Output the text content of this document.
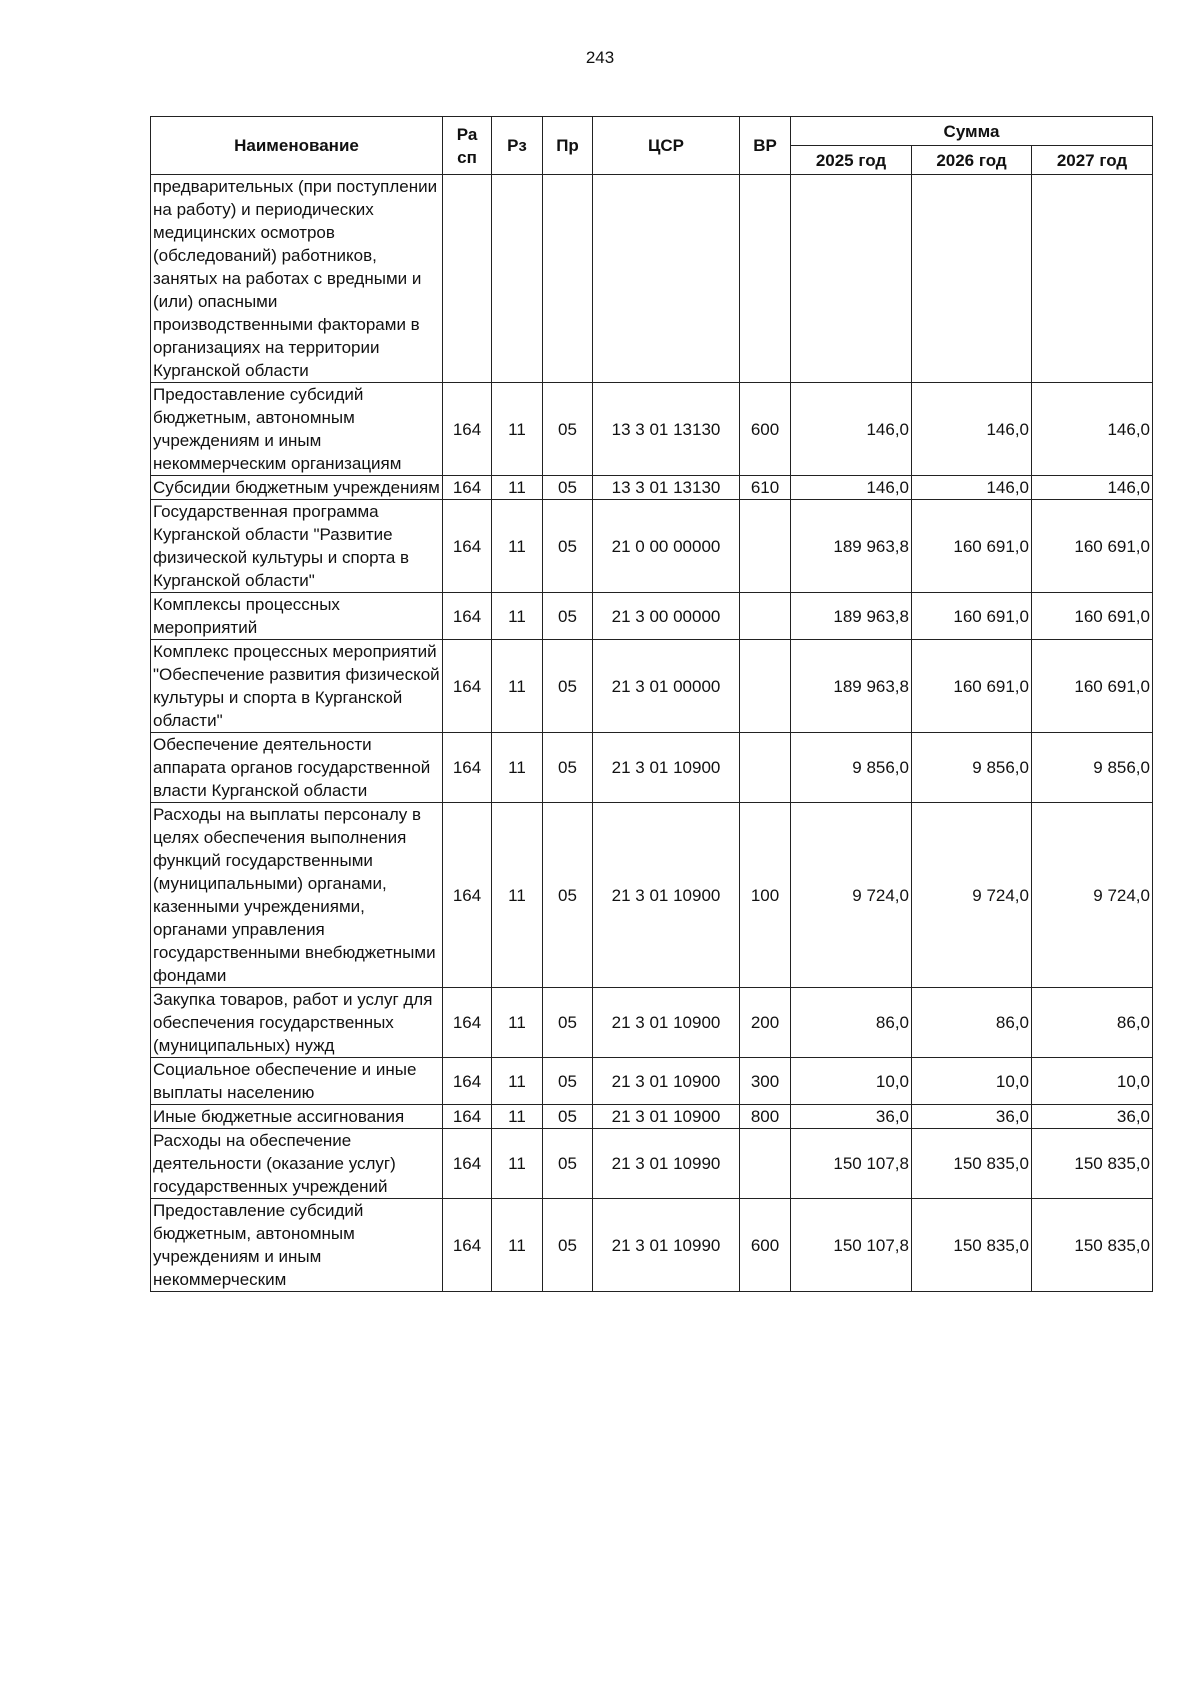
243
Наименование	Ра сп	Рз	Пр	ЦСР	ВР	Сумма		
						2025 год	2026 год	2027 год
предварительных (при поступлении на работу) и периодических медицинских осмотров (обследований) работников, занятых на работах с вредными и (или) опасными производственными факторами в организациях на территории Курганской области								
Предоставление субсидий бюджетным, автономным учреждениям и иным некоммерческим организациям	164	11	05	13 3 01 13130	600	146,0	146,0	146,0
Субсидии бюджетным учреждениям	164	11	05	13 3 01 13130	610	146,0	146,0	146,0
Государственная программа Курганской области "Развитие физической культуры и спорта в Курганской области"	164	11	05	21 0 00 00000		189 963,8	160 691,0	160 691,0
Комплексы процессных мероприятий	164	11	05	21 3 00 00000		189 963,8	160 691,0	160 691,0
Комплекс процессных мероприятий "Обеспечение развития физической культуры и спорта в Курганской области"	164	11	05	21 3 01 00000		189 963,8	160 691,0	160 691,0
Обеспечение деятельности аппарата органов государственной власти Курганской области	164	11	05	21 3 01 10900		9 856,0	9 856,0	9 856,0
Расходы на выплаты персоналу в целях обеспечения выполнения функций государственными (муниципальными) органами, казенными учреждениями, органами управления государственными внебюджетными фондами	164	11	05	21 3 01 10900	100	9 724,0	9 724,0	9 724,0
Закупка товаров, работ и услуг для обеспечения государственных (муниципальных) нужд	164	11	05	21 3 01 10900	200	86,0	86,0	86,0
Социальное обеспечение и иные выплаты населению	164	11	05	21 3 01 10900	300	10,0	10,0	10,0
Иные бюджетные ассигнования	164	11	05	21 3 01 10900	800	36,0	36,0	36,0
Расходы на обеспечение деятельности (оказание услуг) государственных учреждений	164	11	05	21 3 01 10990		150 107,8	150 835,0	150 835,0
Предоставление субсидий бюджетным, автономным учреждениям и иным некоммерческим	164	11	05	21 3 01 10990	600	150 107,8	150 835,0	150 835,0
